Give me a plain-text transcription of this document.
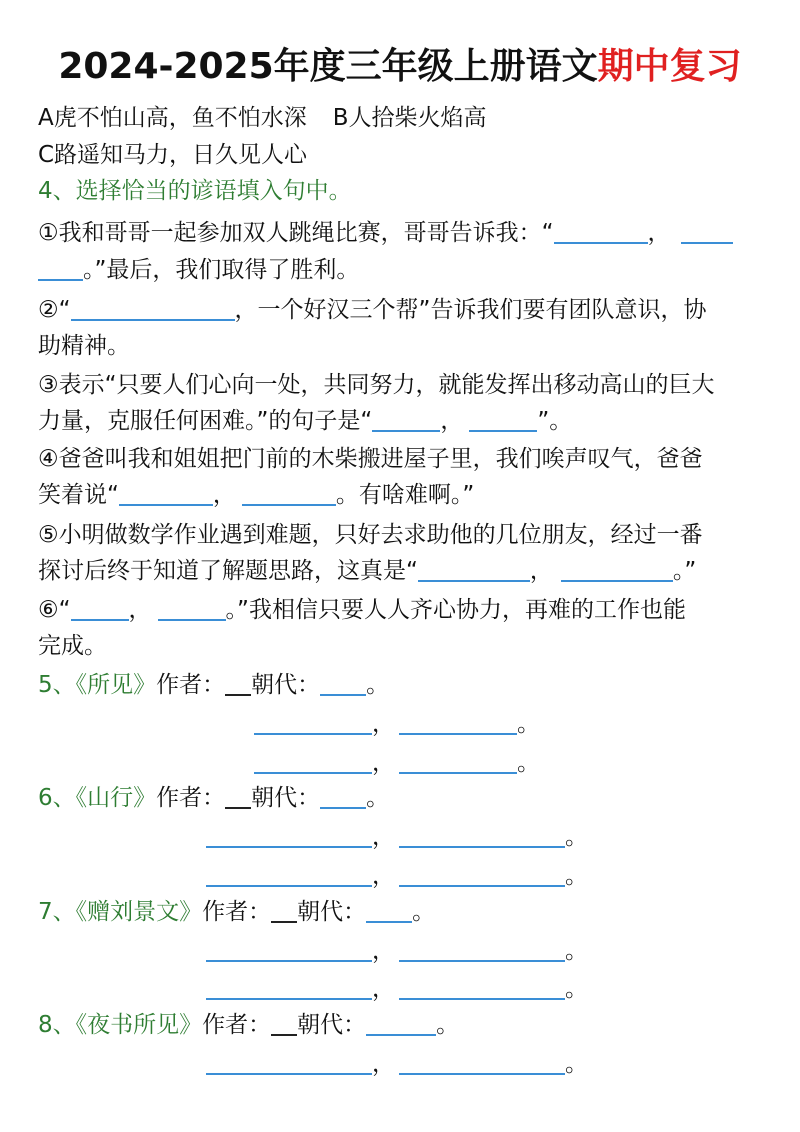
2024-2025年度三年级上册语文期中复习
A虎不怕山高，鱼不怕水深 B人拾柴火焰高
C路遥知马力，日久见人心
4、选择恰当的谚语填入句中。
①我和哥哥一起参加双人跳绳比赛，哥哥告诉我：“	，
。”最后，我们取得了胜利。
②“	，一个好汉三个帮”告诉我们要有团队意识，协
助精神。
③表示“只要人们心向一处，共同努力，就能发挥出移动高山的巨大
力量，克服任何困难。”的句子是“	，	”。
④爸爸叫我和姐姐把门前的木柴搬进屋子里，我们唉声叹气，爸爸
笑着说“	，	。有啥难啊。”
⑤小明做数学作业遇到难题，只好去求助他的几位朋友，经过一番
探讨后终于知道了解题思路，这真是“	，	。”
⑥“	，	。”我相信只要人人齐心协力，再难的工作也能
完成。
5、《所见》作者： 朝代： 。
，	。
，	。
6、《山行》作者： 朝代： 。
，	。
，	。
7、《赠刘景文》作者： 朝代： 。
，	。
，	。
8、《夜书所见》作者： 朝代：	。
，	。
